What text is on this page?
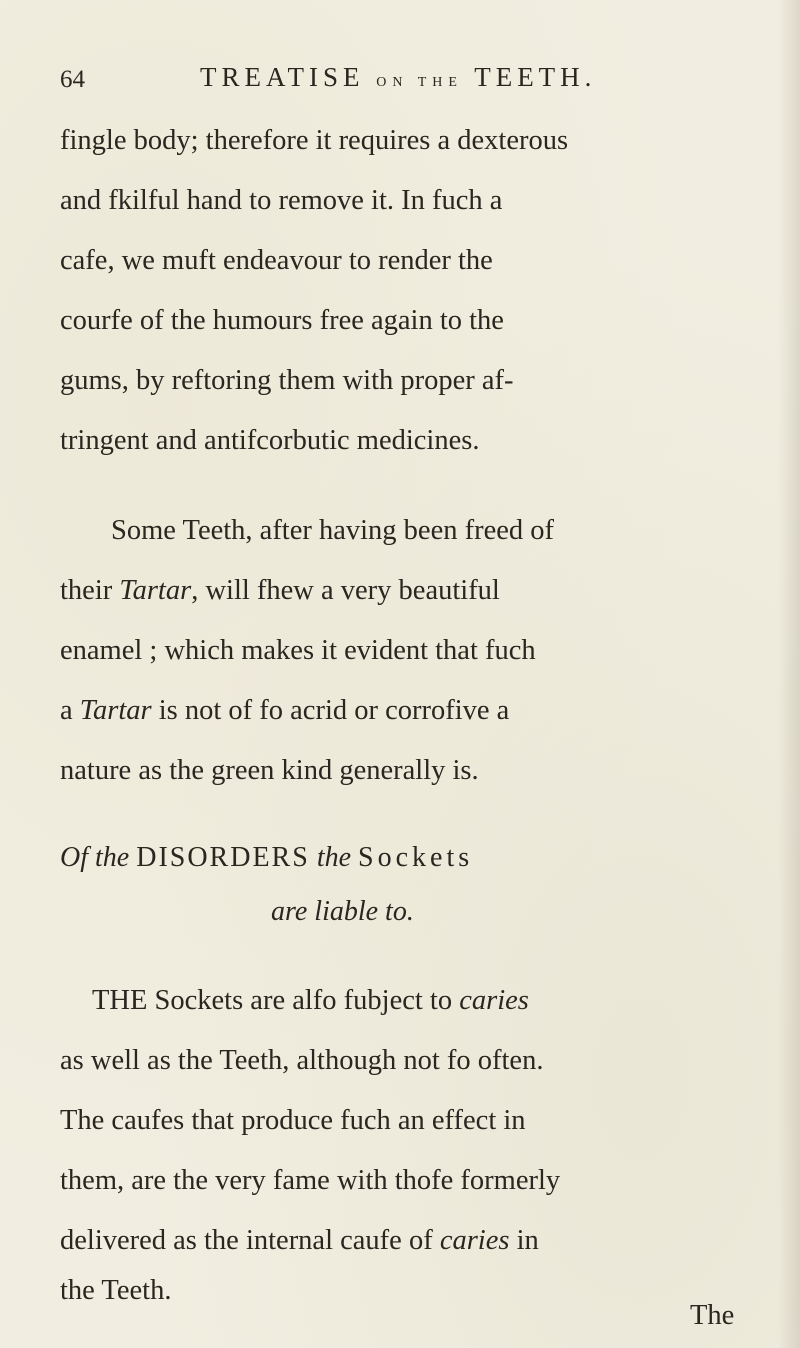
64	TREATISE ON THE TEETH.
fingle body; therefore it requires a dexterous
and fkilful hand to remove it. In fuch a
cafe, we muft endeavour to render the
courfe of the humours free again to the
gums, by reftoring them with proper af-
tringent and antifcorbutic medicines.
Some Teeth, after having been freed of
their Tartar, will fhew a very beautiful
enamel ; which makes it evident that fuch
a Tartar is not of fo acrid or corrofive a
nature as the green kind generally is.
Of the DISORDERS the Sockets
are liable to.
THE Sockets are alfo fubject to caries
as well as the Teeth, although not fo often.
The caufes that produce fuch an effect in
them, are the very fame with thofe formerly
delivered as the internal caufe of caries in
the Teeth.
The
